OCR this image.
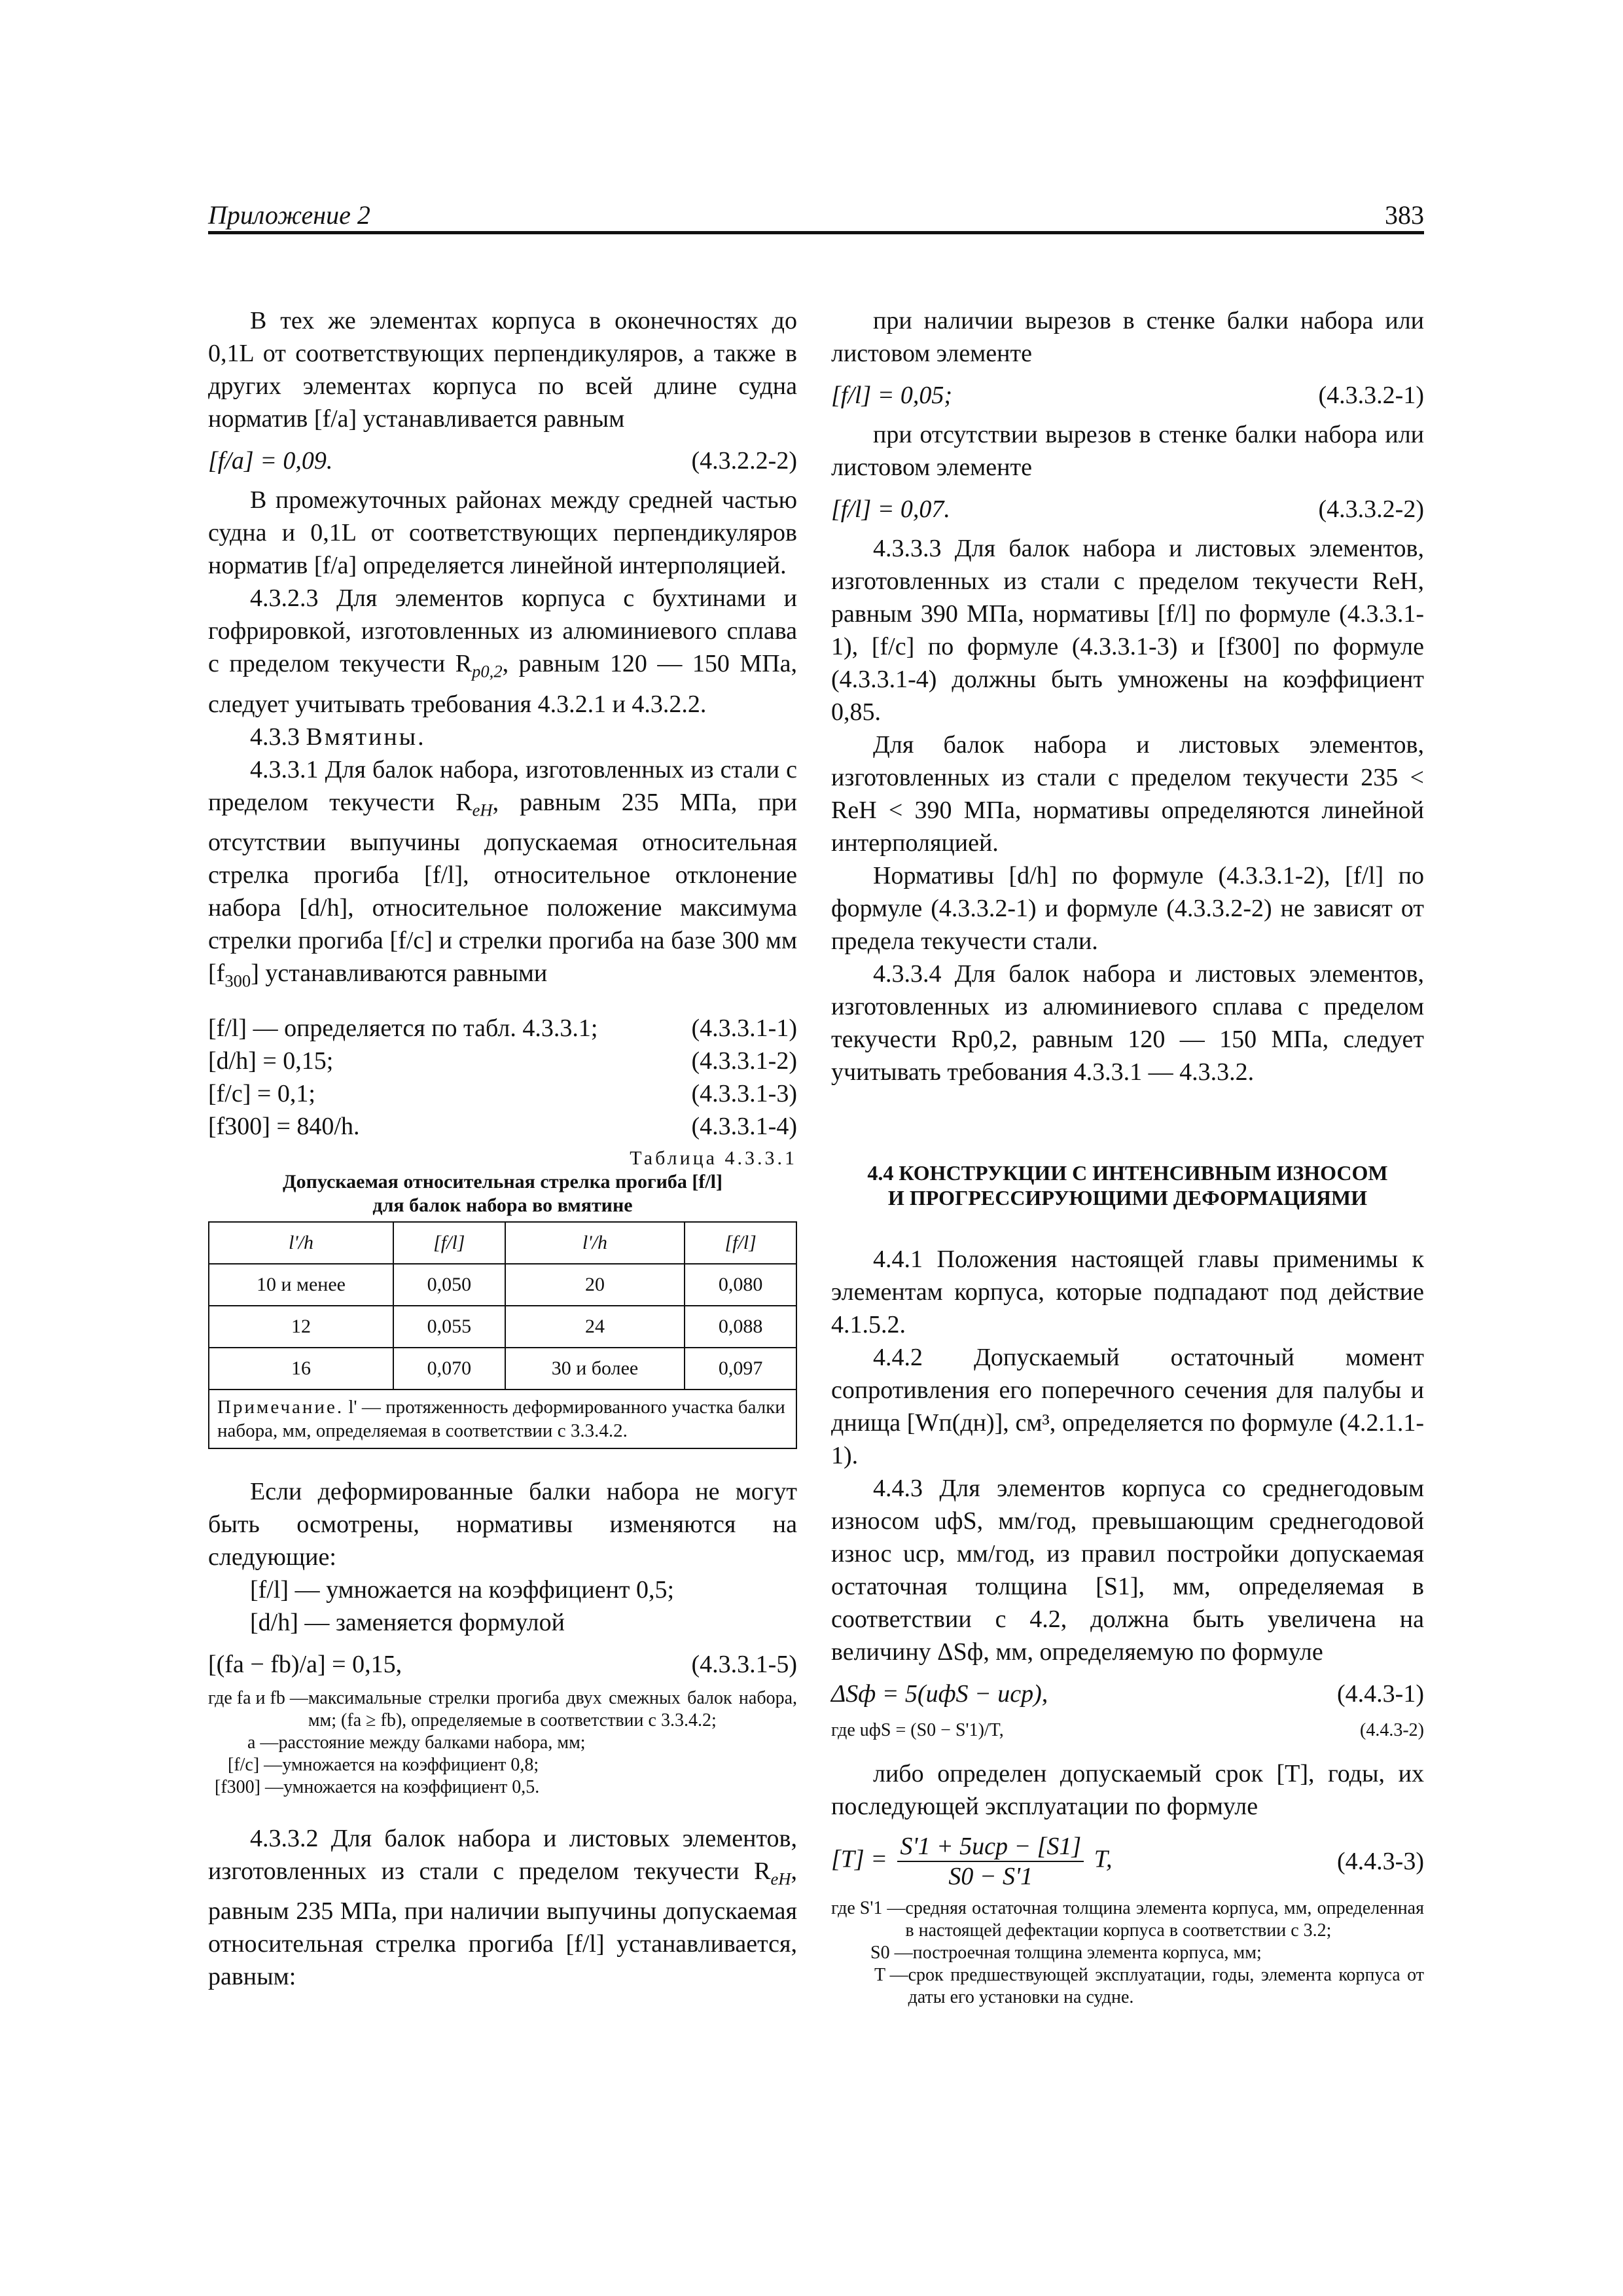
Приложение 2	383

В тех же элементах корпуса в оконечностях до 0,1L от соответствующих перпендикуляров, а также в других элементах корпуса по всей длине судна норматив [f/a] устанавливается равным

[f/a] = 0,09.	(4.3.2.2-2)

В промежуточных районах между средней частью судна и 0,1L от соответствующих перпендикуляров норматив [f/a] определяется линейной интерполяцией.

4.3.2.3 Для элементов корпуса с бухтинами и гофрировкой, изготовленных из алюминиевого сплава с пределом текучести $R_{p0,2}$, равным 120 — 150 МПа, следует учитывать требования 4.3.2.1 и 4.3.2.2.

4.3.3 Вмятины.

4.3.3.1 Для балок набора, изготовленных из стали с пределом текучести $R_{eH}$, равным 235 МПа, при отсутствии выпучины допускаемая относительная стрелка прогиба [f/l], относительное отклонение набора [d/h], относительное положение максимума стрелки прогиба [f/c] и стрелки прогиба на базе 300 мм $[f_{300}]$ устанавливаются равными

[f/l] — определяется по табл. 4.3.3.1;	(4.3.3.1-1)
[d/h] = 0,15;	(4.3.3.1-2)
[f/c] = 0,1;	(4.3.3.1-3)
[f300] = 840/h.	(4.3.3.1-4)
Таблица 4.3.3.1
Допускаемая относительная стрелка прогиба [f/l]
для балок набора во вмятине
l'/h	[f/l]	l'/h	[f/l]
10 и менее	0,050	20	0,080
12	0,055	24	0,088
16	0,070	30 и более	0,097
Примечание. l' — протяженность деформированного участка балки набора, мм, определяемая в соответствии с 3.3.4.2.			

Если деформированные балки набора не могут быть осмотрены, нормативы изменяются на следующие:

[f/l] — умножается на коэффициент 0,5;

[d/h] — заменяется формулой

[(fa − fb)/a] = 0,15,	(4.3.3.1-5)
где fa и fb — максимальные стрелки прогиба двух смежных балок набора, мм; (fa ≥ fb), определяемые в соответствии с 3.3.4.2;
a — расстояние между балками набора, мм;
[f/c] — умножается на коэффициент 0,8;
[f300] — умножается на коэффициент 0,5.

4.3.3.2 Для балок набора и листовых элементов, изготовленных из стали с пределом текучести $R_{eH}$, равным 235 МПа, при наличии выпучины допускаемая относительная стрелка прогиба [f/l] устанавливается, равным:

при наличии вырезов в стенке балки набора или листовом элементе

[f/l] = 0,05;	(4.3.3.2-1)

при отсутствии вырезов в стенке балки набора или листовом элементе

[f/l] = 0,07.	(4.3.3.2-2)

4.3.3.3 Для балок набора и листовых элементов, изготовленных из стали с пределом текучести ReH, равным 390 МПа, нормативы [f/l] по формуле (4.3.3.1-1), [f/c] по формуле (4.3.3.1-3) и [f300] по формуле (4.3.3.1-4) должны быть умножены на коэффициент 0,85.

Для балок набора и листовых элементов, изготовленных из стали с пределом текучести 235 < ReH < 390 МПа, нормативы определяются линейной интерполяцией.

Нормативы [d/h] по формуле (4.3.3.1-2), [f/l] по формуле (4.3.3.2-1) и формуле (4.3.3.2-2) не зависят от предела текучести стали.

4.3.3.4 Для балок набора и листовых элементов, изготовленных из алюминиевого сплава с пределом текучести Rp0,2, равным 120 — 150 МПа, следует учитывать требования 4.3.3.1 — 4.3.3.2.

4.4 КОНСТРУКЦИИ С ИНТЕНСИВНЫМ ИЗНОСОМ

И ПРОГРЕССИРУЮЩИМИ ДЕФОРМАЦИЯМИ

4.4.1 Положения настоящей главы применимы к элементам корпуса, которые подпадают под действие 4.1.5.2.

4.4.2 Допускаемый остаточный момент сопротивления его поперечного сечения для палубы и днища [Wп(дн)], см³, определяется по формуле (4.2.1.1-1).

4.4.3 Для элементов корпуса со среднегодовым износом uфS, мм/год, превышающим среднегодовой износ uср, мм/год, из правил постройки допускаемая остаточная толщина [S1], мм, определяемая в соответствии с 4.2, должна быть увеличена на величину ΔSф, мм, определяемую по формуле

ΔSф = 5(uфS − uср),	(4.4.3-1)
где uфS = (S0 − S'1)/T,	(4.4.3-2)

либо определен допускаемый срок [T], годы, их последующей эксплуатации по формуле

$[T] = \frac{\text{S'1 + 5uср − [S1]}}{S0 - S'1} T$,	(4.4.3-3)
где S'1 — средняя остаточная толщина элемента корпуса, мм, определенная в настоящей дефектации корпуса в соответствии с 3.2;
S0 — построечная толщина элемента корпуса, мм;
T — срок предшествующей эксплуатации, годы, элемента корпуса от даты его установки на судне.
